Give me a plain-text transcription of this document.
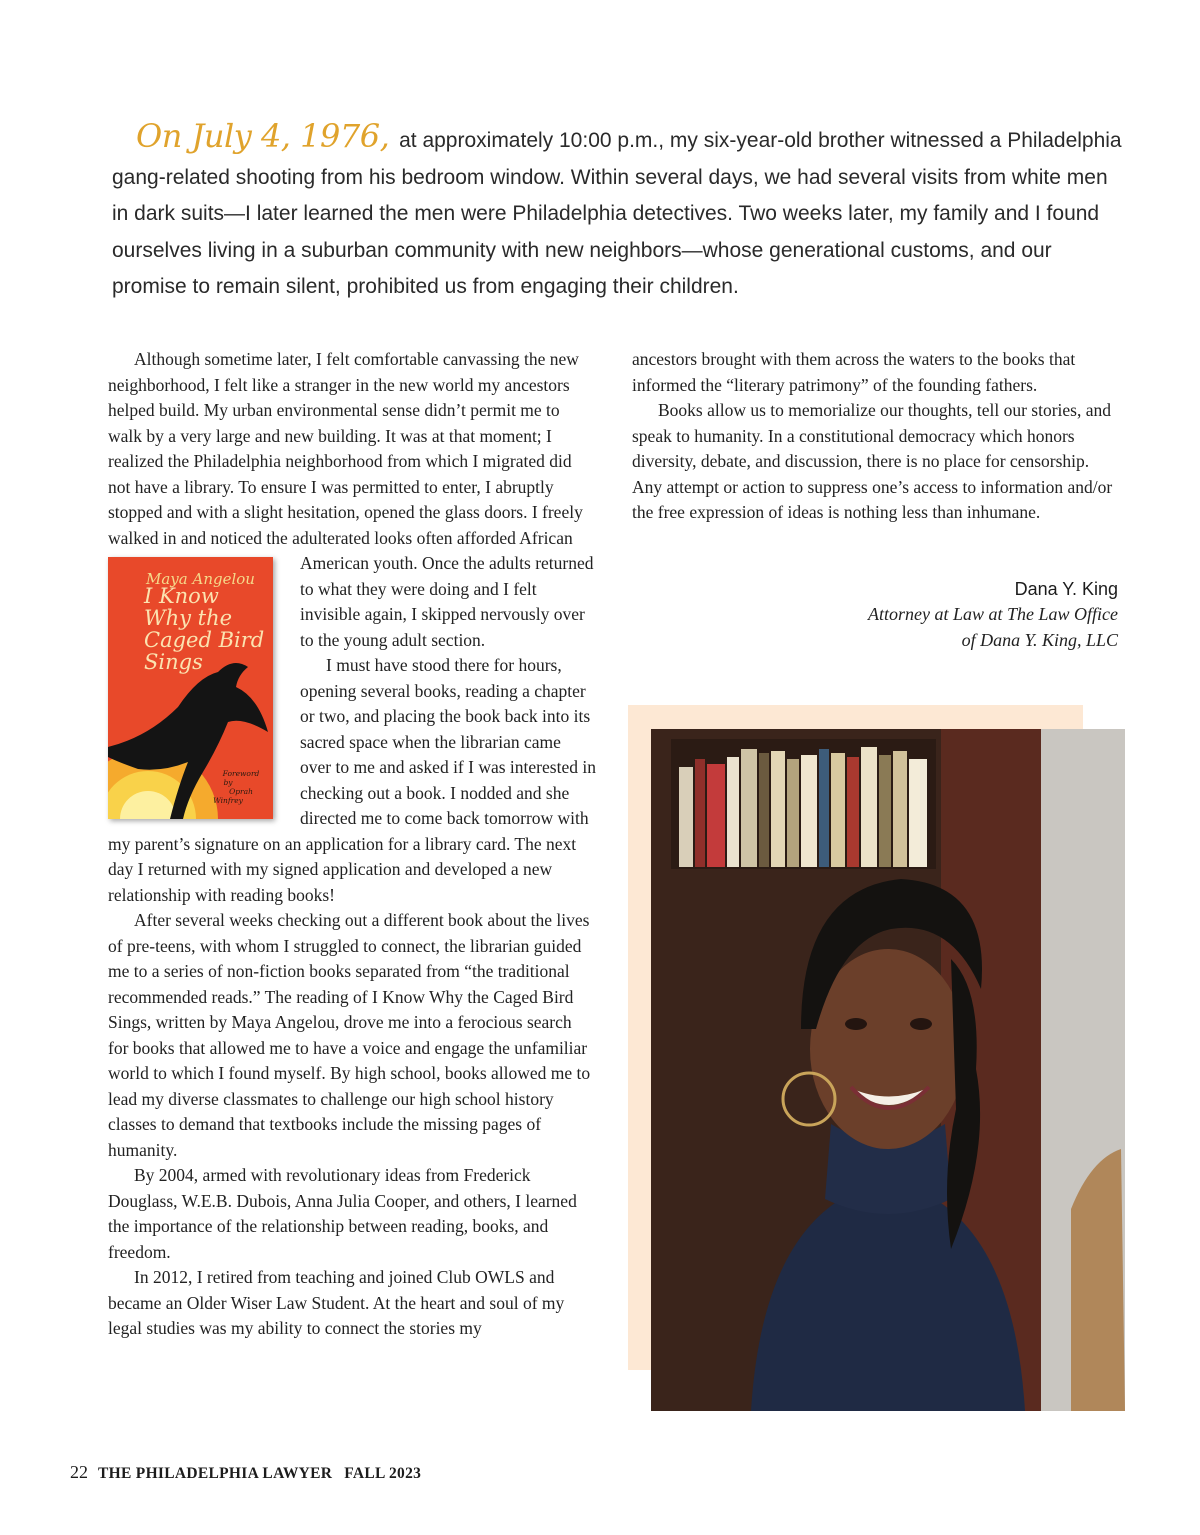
On July 4, 1976, at approximately 10:00 p.m., my six-year-old brother witnessed a Philadelphia gang-related shooting from his bedroom window. Within several days, we had several visits from white men in dark suits—I later learned the men were Philadelphia detectives. Two weeks later, my family and I found ourselves living in a suburban community with new neighbors—whose generational customs, and our promise to remain silent, prohibited us from engaging their children.

Although sometime later, I felt comfortable canvassing the new neighborhood, I felt like a stranger in the new world my ancestors helped build. My urban environmental sense didn’t permit me to walk by a very large and new building. It was at that moment; I realized the Philadelphia neighborhood from which I migrated did not have a library. To ensure I was permitted to enter, I abruptly stopped and with a slight hesitation, opened the glass doors. I freely walked in and noticed the adulterated looks often afforded African American youth.
Maya Angelou
I Know
Why the
Caged Bird
Sings
Foreword by
Oprah Winfrey
Once the adults returned to what they were doing and I felt invisible again, I skipped nervously over to the young adult section.

I must have stood there for hours, opening several books, reading a chapter or two, and placing the book back into its sacred space when the librarian came over to me and asked if I was interested in checking out a book. I nodded and she directed me to come back tomorrow with my parent’s signature on an application for a library card. The next day I returned with my signed application and developed a new relationship with reading books!

After several weeks checking out a different book about the lives of pre-teens, with whom I struggled to connect, the librarian guided me to a series of non-fiction books separated from “the traditional recommended reads.” The reading of I Know Why the Caged Bird Sings, written by Maya Angelou, drove me into a ferocious search for books that allowed me to have a voice and engage the unfamiliar world to which I found myself. By high school, books allowed me to lead my diverse classmates to challenge our high school history classes to demand that textbooks include the missing pages of humanity.

By 2004, armed with revolutionary ideas from Frederick Douglass, W.E.B. Dubois, Anna Julia Cooper, and others, I learned the importance of the relationship between reading, books, and freedom.

In 2012, I retired from teaching and joined Club OWLS and became an Older Wiser Law Student. At the heart and soul of my legal studies was my ability to connect the stories my

ancestors brought with them across the waters to the books that informed the “literary patrimony” of the founding fathers.

Books allow us to memorialize our thoughts, tell our stories, and speak to humanity. In a constitutional democracy which honors diversity, debate, and discussion, there is no place for censorship. Any attempt or action to suppress one’s access to information and/or the free expression of ideas is nothing less than inhumane.

Dana Y. King
Attorney at Law at The Law Office
of Dana Y. King, LLC
22 THE PHILADELPHIA LAWYER FALL 2023
